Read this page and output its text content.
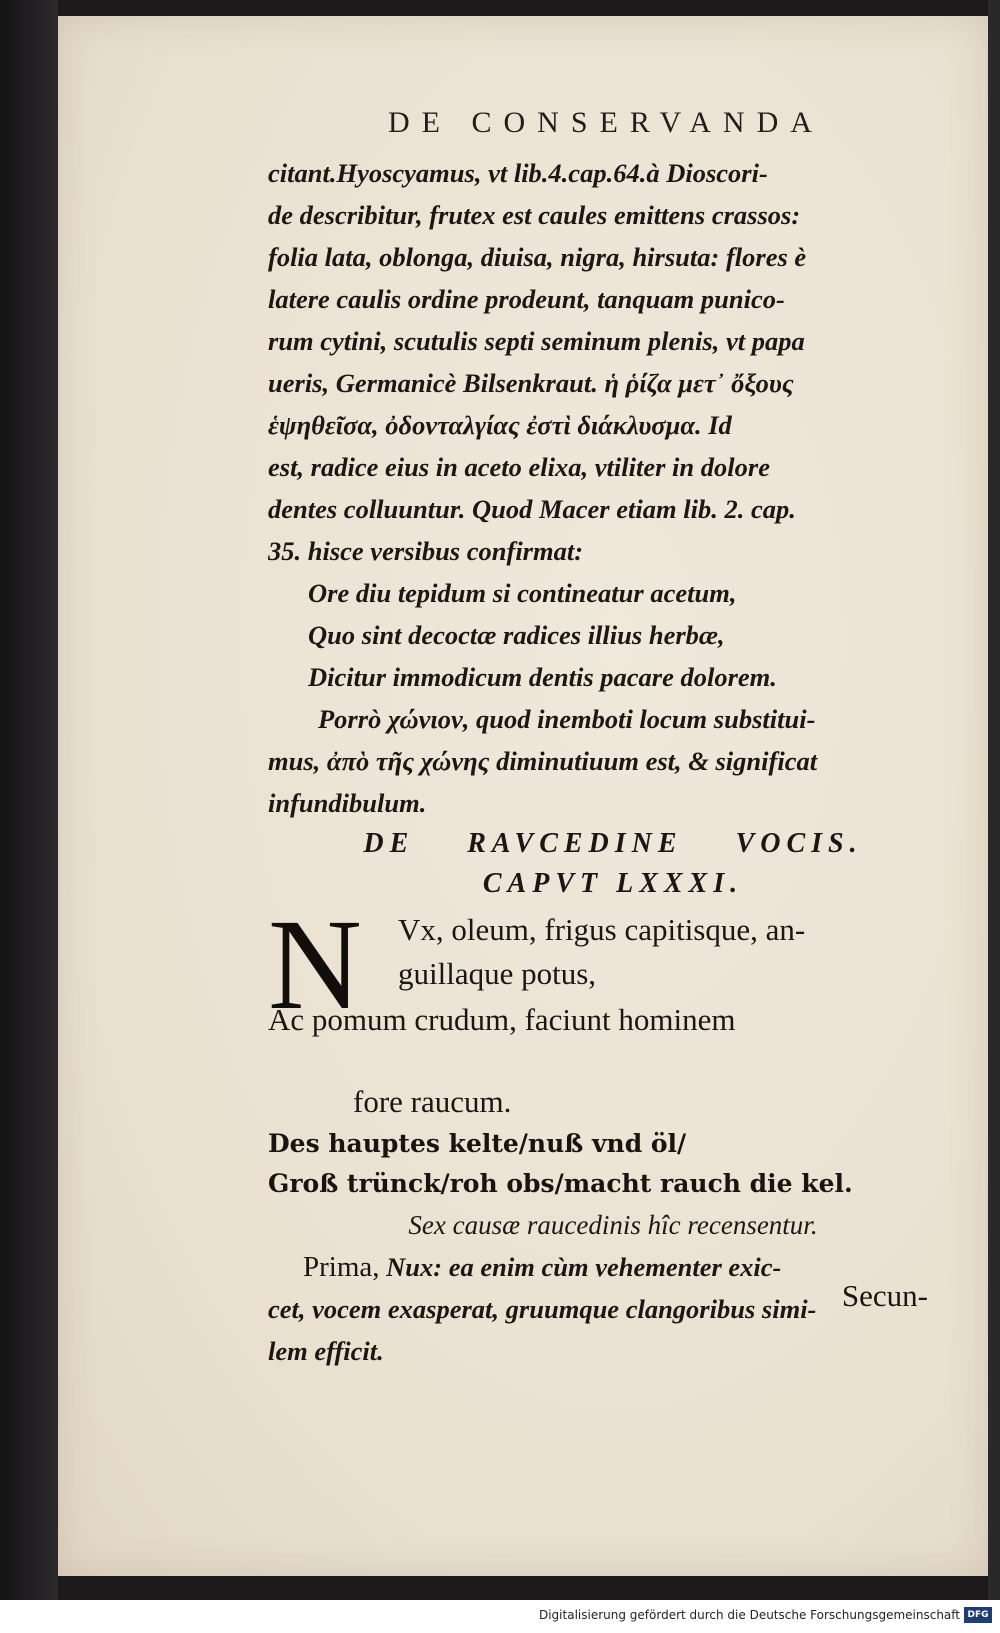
DE CONSERVANDA
citant.Hyoscyamus, vt lib.4.cap.64.à Dioscori-
de describitur, frutex est caules emittens crassos:
folia lata, oblonga, diuisa, nigra, hirsuta: flores è
latere caulis ordine prodeunt, tanquam punico-
rum cytini, scutulis septi seminum plenis, vt papa
ueris, Germanicè Bilsenkraut. ἡ ῥίζα μετ᾽ ὄξους
ἑψηθεῖσα, ὀδονταλγίας ἐστὶ διάκλυσμα. Id
est, radice eius in aceto elixa, vtiliter in dolore
dentes colluuntur. Quod Macer etiam lib. 2. cap.
35. hisce versibus confirmat:
Ore diu tepidum si contineatur acetum,
Quo sint decoctæ radices illius herbæ,
Dicitur immodicum dentis pacare dolorem.
Porrò χώνιον, quod inemboti locum substitui-
mus, ἀπὸ τῆς χώνης diminutiuum est, & significat
infundibulum.
DE RAVCEDINE VOCIS.
CAPVT LXXXI.
N Vx, oleum, frigus capitisque, an-
guillaque potus,
Ac pomum crudum, faciunt hominem
fore raucum.
Des hauptes kelte/nuß vnd öl/
Groß trünck/roh obs/macht rauch die kel.
Sex causæ raucedinis hîc recensentur.
Prima, Nux: ea enim cùm vehementer exic-
cet, vocem exasperat, gruumque clangoribus simi-
lem efficit.
Secun-
Digitalisierung gefördert durch die Deutsche Forschungsgemeinschaft DFG
